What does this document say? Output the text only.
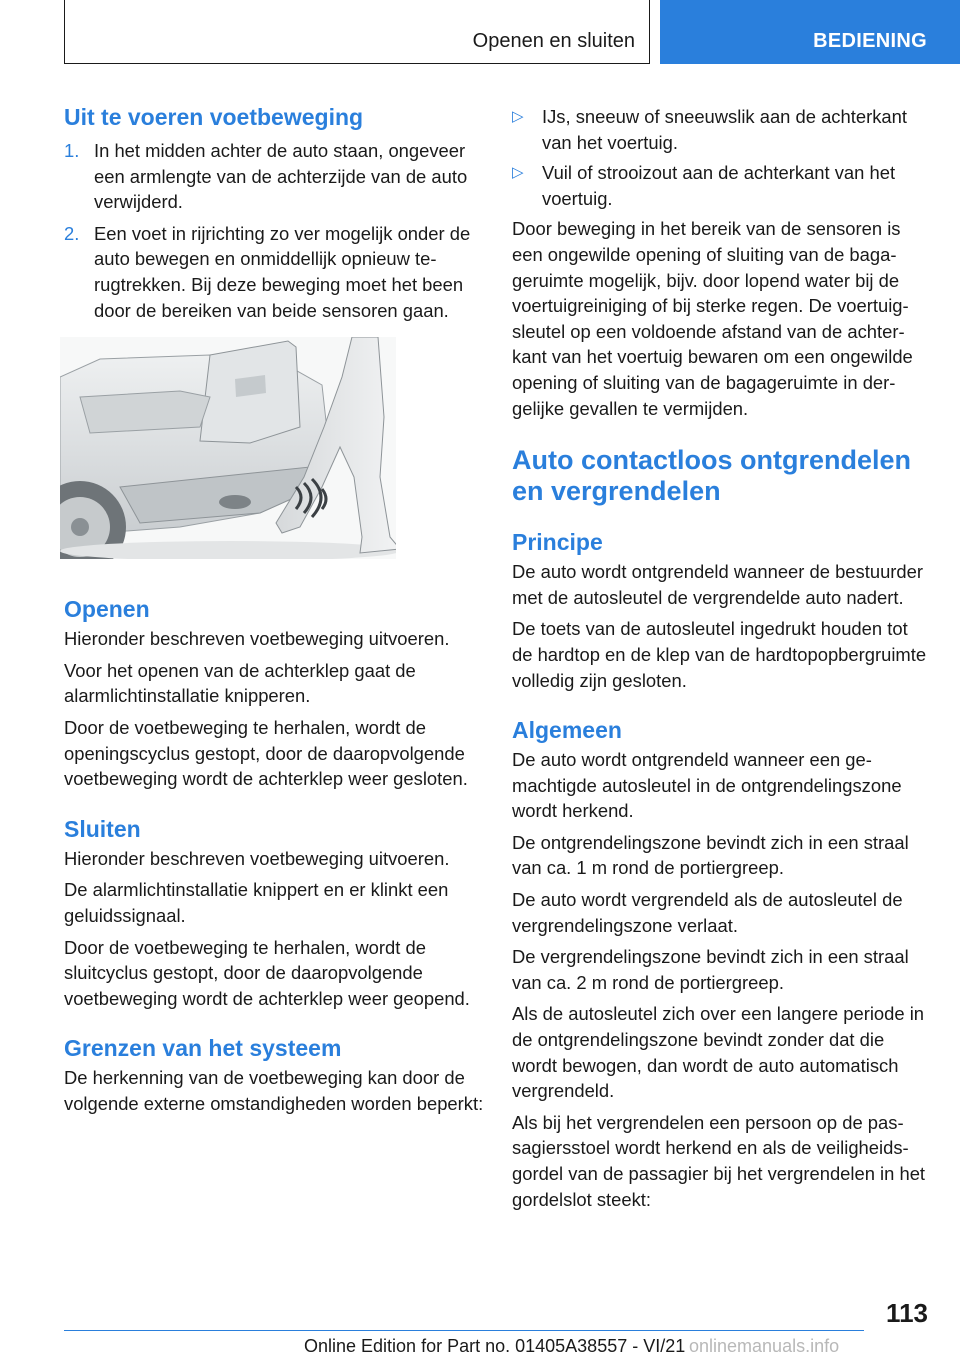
Openen en sluiten	BEDIENING
Uit te voeren voetbeweging
1. In het midden achter de auto staan, ongeveer een armlengte van de achterzijde van de auto verwijderd.
2. Een voet in rijrichting zo ver mogelijk onder de auto bewegen en onmiddellijk opnieuw terugtrekken. Bij deze beweging moet het been door de bereiken van beide sensoren gaan.
Openen

Hieronder beschreven voetbeweging uitvoeren.

Voor het openen van de achterklep gaat de alarmlichtinstallatie knipperen.

Door de voetbeweging te herhalen, wordt de openingscyclus gestopt, door de daaropvolgende voetbeweging wordt de achterklep weer gesloten.

Sluiten

Hieronder beschreven voetbeweging uitvoeren.

De alarmlichtinstallatie knippert en er klinkt een geluidssignaal.

Door de voetbeweging te herhalen, wordt de sluitcyclus gestopt, door de daaropvolgende voetbeweging wordt de achterklep weer geopend.

Grenzen van het systeem

De herkenning van de voetbeweging kan door de volgende externe omstandigheden worden beperkt:

▷ IJs, sneeuw of sneeuwslik aan de achterkant van het voertuig.
▷ Vuil of strooizout aan de achterkant van het voertuig.

Door beweging in het bereik van de sensoren is een ongewilde opening of sluiting van de bagageruimte mogelijk, bijv. door lopend water bij de voertuigreiniging of bij sterke regen. De voertuigsleutel op een voldoende afstand van de achterkant van het voertuig bewaren om een ongewilde opening of sluiting van de bagageruimte in dergelijke gevallen te vermijden.

Auto contactloos ontgrendelen en vergrendelen
Principe

De auto wordt ontgrendeld wanneer de bestuurder met de autosleutel de vergrendelde auto nadert.

De toets van de autosleutel ingedrukt houden tot de hardtop en de klep van de hardtopopbergruimte volledig zijn gesloten.

Algemeen

De auto wordt ontgrendeld wanneer een gemachtigde autosleutel in de ontgrendelingszone wordt herkend.

De ontgrendelingszone bevindt zich in een straal van ca. 1 m rond de portiergreep.

De auto wordt vergrendeld als de autosleutel de vergrendelingszone verlaat.

De vergrendelingszone bevindt zich in een straal van ca. 2 m rond de portiergreep.

Als de autosleutel zich over een langere periode in de ontgrendelingszone bevindt zonder dat die wordt bewogen, dan wordt de auto automatisch vergrendeld.

Als bij het vergrendelen een persoon op de passagiersstoel wordt herkend en als de veiligheidsgordel van de passagier bij het vergrendelen in het gordelslot steekt:

113
Online Edition for Part no. 01405A38557 - VI/21 onlinemanuals.info
